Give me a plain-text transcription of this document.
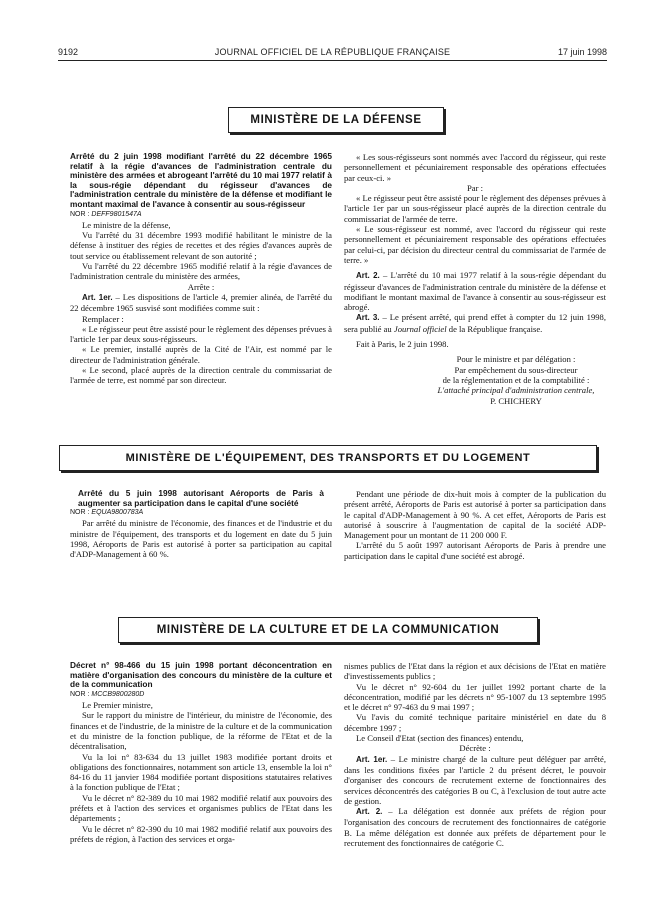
9192	JOURNAL OFFICIEL DE LA RÉPUBLIQUE FRANÇAISE	17 juin 1998
MINISTÈRE DE LA DÉFENSE

Arrêté du 2 juin 1998 modifiant l'arrêté du 22 décembre 1965 relatif à la régie d'avances de l'administration centrale du ministère des armées et abrogeant l'arrêté du 10 mai 1977 relatif à la sous-régie dépendant du régisseur d'avances de l'administration centrale du ministère de la défense et modifiant le montant maximal de l'avance à consentir au sous-régisseur

NOR : DEFF9801547A

Le ministre de la défense,

Vu l'arrêté du 31 décembre 1993 modifié habilitant le ministre de la défense à instituer des régies de recettes et des régies d'avances auprès de tout service ou établissement relevant de son autorité ;

Vu l'arrêté du 22 décembre 1965 modifié relatif à la régie d'avances de l'administration centrale du ministère des armées,

Arrête :

Art. 1er. – Les dispositions de l'article 4, premier alinéa, de l'arrêté du 22 décembre 1965 susvisé sont modifiées comme suit :

Remplacer :

« Le régisseur peut être assisté pour le règlement des dépenses prévues à l'article 1er par deux sous-régisseurs.

« Le premier, installé auprès de la Cité de l'Air, est nommé par le directeur de l'administration générale.

« Le second, placé auprès de la direction centrale du commissariat de l'armée de terre, est nommé par son directeur.

« Les sous-régisseurs sont nommés avec l'accord du régisseur, qui reste personnellement et pécuniairement responsable des opérations effectuées par ceux-ci. »

Par :

« Le régisseur peut être assisté pour le règlement des dépenses prévues à l'article 1er par un sous-régisseur placé auprès de la direction centrale du commissariat de l'armée de terre.

« Le sous-régisseur est nommé, avec l'accord du régisseur qui reste personnellement et pécuniairement responsable des opérations effectuées par celui-ci, par décision du directeur central du commissariat de l'armée de terre. »

Art. 2. – L'arrêté du 10 mai 1977 relatif à la sous-régie dépendant du régisseur d'avances de l'administration centrale du ministère de la défense et modifiant le montant maximal de l'avance à consentir au sous-régisseur est abrogé.

Art. 3. – Le présent arrêté, qui prend effet à compter du 12 juin 1998, sera publié au Journal officiel de la République française.

Fait à Paris, le 2 juin 1998.

Pour le ministre et par délégation :
Par empêchement du sous-directeur
de la réglementation et de la comptabilité :
L'attaché principal d'administration centrale,
P. CHICHERY
MINISTÈRE DE L'ÉQUIPEMENT, DES TRANSPORTS ET DU LOGEMENT

Arrêté du 5 juin 1998 autorisant Aéroports de Paris à augmenter sa participation dans le capital d'une société

NOR : EQUA9800783A

Par arrêté du ministre de l'économie, des finances et de l'industrie et du ministre de l'équipement, des transports et du logement en date du 5 juin 1998, Aéroports de Paris est autorisé à porter sa participation au capital d'ADP-Management à 60 %.

Pendant une période de dix-huit mois à compter de la publication du présent arrêté, Aéroports de Paris est autorisé à porter sa participation dans le capital d'ADP-Management à 90 %. A cet effet, Aéroports de Paris est autorisé à souscrire à l'augmentation de capital de la société ADP-Management pour un montant de 11 200 000 F.

L'arrêté du 5 août 1997 autorisant Aéroports de Paris à prendre une participation dans le capital d'une société est abrogé.

MINISTÈRE DE LA CULTURE ET DE LA COMMUNICATION

Décret n° 98-466 du 15 juin 1998 portant déconcentration en matière d'organisation des concours du ministère de la culture et de la communication

NOR : MCCB9800280D

Le Premier ministre,

Sur le rapport du ministre de l'intérieur, du ministre de l'économie, des finances et de l'industrie, de la ministre de la culture et de la communication et du ministre de la fonction publique, de la réforme de l'Etat et de la décentralisation,

Vu la loi n° 83-634 du 13 juillet 1983 modifiée portant droits et obligations des fonctionnaires, notamment son article 13, ensemble la loi n° 84-16 du 11 janvier 1984 modifiée portant dispositions statutaires relatives à la fonction publique de l'Etat ;

Vu le décret n° 82-389 du 10 mai 1982 modifié relatif aux pouvoirs des préfets et à l'action des services et organismes publics de l'Etat dans les départements ;

Vu le décret n° 82-390 du 10 mai 1982 modifié relatif aux pouvoirs des préfets de région, à l'action des services et orga-

nismes publics de l'Etat dans la région et aux décisions de l'Etat en matière d'investissements publics ;

Vu le décret n° 92-604 du 1er juillet 1992 portant charte de la déconcentration, modifié par les décrets n° 95-1007 du 13 septembre 1995 et le décret n° 97-463 du 9 mai 1997 ;

Vu l'avis du comité technique paritaire ministériel en date du 8 décembre 1997 ;

Le Conseil d'Etat (section des finances) entendu,

Décrète :

Art. 1er. – Le ministre chargé de la culture peut déléguer par arrêté, dans les conditions fixées par l'article 2 du présent décret, le pouvoir d'organiser des concours de recrutement externe de fonctionnaires des services déconcentrés des catégories B ou C, à l'exclusion de tout autre acte de gestion.

Art. 2. – La délégation est donnée aux préfets de région pour l'organisation des concours de recrutement des fonctionnaires de catégorie B. La même délégation est donnée aux préfets de département pour le recrutement des fonctionnaires de catégorie C.
